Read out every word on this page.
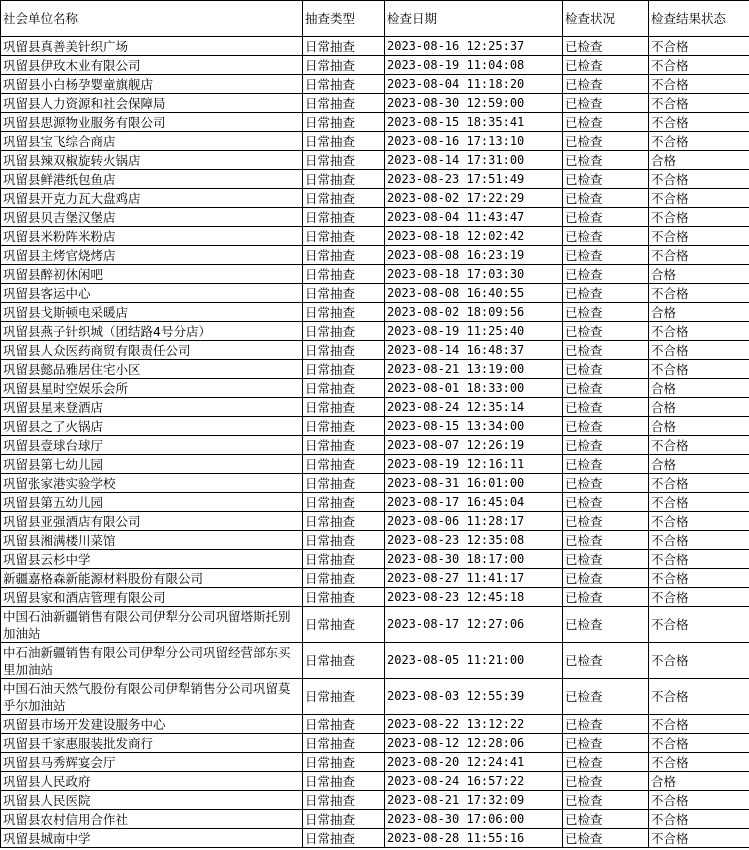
社会单位名称	抽查类型	检查日期	检查状况	检查结果状态
巩留县真善美针织广场	日常抽查	2023-08-16 12:25:37	已检查	不合格
巩留县伊玫木业有限公司	日常抽查	2023-08-19 11:04:08	已检查	不合格
巩留县小白杨孕婴童旗舰店	日常抽查	2023-08-04 11:18:20	已检查	不合格
巩留县人力资源和社会保障局	日常抽查	2023-08-30 12:59:00	已检查	不合格
巩留县思源物业服务有限公司	日常抽查	2023-08-15 18:35:41	已检查	不合格
巩留县宝飞综合商店	日常抽查	2023-08-16 17:13:10	已检查	不合格
巩留县辣双椒旋转火锅店	日常抽查	2023-08-14 17:31:00	已检查	合格
巩留县鲜港纸包鱼店	日常抽查	2023-08-23 17:51:49	已检查	不合格
巩留县开克力瓦大盘鸡店	日常抽查	2023-08-02 17:22:29	已检查	不合格
巩留县贝吉堡汉堡店	日常抽查	2023-08-04 11:43:47	已检查	不合格
巩留县米粉阵米粉店	日常抽查	2023-08-18 12:02:42	已检查	不合格
巩留县主烤官烧烤店	日常抽查	2023-08-08 16:23:19	已检查	不合格
巩留县醉初休闲吧	日常抽查	2023-08-18 17:03:30	已检查	合格
巩留县客运中心	日常抽查	2023-08-08 16:40:55	已检查	不合格
巩留县戈斯顿电采暖店	日常抽查	2023-08-02 18:09:56	已检查	合格
巩留县燕子针织城（团结路4号分店）	日常抽查	2023-08-19 11:25:40	已检查	不合格
巩留县人众医药商贸有限责任公司	日常抽查	2023-08-14 16:48:37	已检查	不合格
巩留县懿品雅居住宅小区	日常抽查	2023-08-21 13:19:00	已检查	不合格
巩留县星时空娱乐会所	日常抽查	2023-08-01 18:33:00	已检查	合格
巩留县星来登酒店	日常抽查	2023-08-24 12:35:14	已检查	合格
巩留县之了火锅店	日常抽查	2023-08-15 13:34:00	已检查	合格
巩留县壹球台球厅	日常抽查	2023-08-07 12:26:19	已检查	不合格
巩留县第七幼儿园	日常抽查	2023-08-19 12:16:11	已检查	合格
巩留张家港实验学校	日常抽查	2023-08-31 16:01:00	已检查	不合格
巩留县第五幼儿园	日常抽查	2023-08-17 16:45:04	已检查	不合格
巩留县亚强酒店有限公司	日常抽查	2023-08-06 11:28:17	已检查	不合格
巩留县湘满楼川菜馆	日常抽查	2023-08-23 12:35:08	已检查	不合格
巩留县云杉中学	日常抽查	2023-08-30 18:17:00	已检查	不合格
新疆嘉格森新能源材料股份有限公司	日常抽查	2023-08-27 11:41:17	已检查	不合格
巩留县家和酒店管理有限公司	日常抽查	2023-08-23 12:45:18	已检查	不合格
中国石油新疆销售有限公司伊犁分公司巩留塔斯托别加油站	日常抽查	2023-08-17 12:27:06	已检查	不合格
中石油新疆销售有限公司伊犁分公司巩留经营部东买里加油站	日常抽查	2023-08-05 11:21:00	已检查	不合格
中国石油天然气股份有限公司伊犁销售分公司巩留莫乎尔加油站	日常抽查	2023-08-03 12:55:39	已检查	不合格
巩留县市场开发建设服务中心	日常抽查	2023-08-22 13:12:22	已检查	不合格
巩留县千家惠服装批发商行	日常抽查	2023-08-12 12:28:06	已检查	不合格
巩留县马秀辉宴会厅	日常抽查	2023-08-20 12:24:41	已检查	不合格
巩留县人民政府	日常抽查	2023-08-24 16:57:22	已检查	合格
巩留县人民医院	日常抽查	2023-08-21 17:32:09	已检查	不合格
巩留县农村信用合作社	日常抽查	2023-08-30 17:06:00	已检查	不合格
巩留县城南中学	日常抽查	2023-08-28 11:55:16	已检查	不合格
